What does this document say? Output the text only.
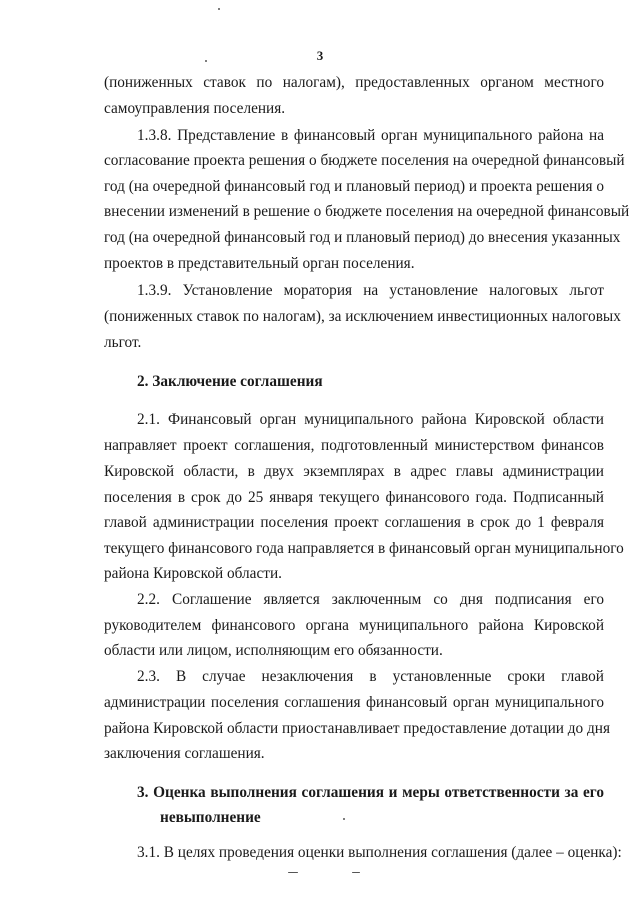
3
(пониженных ставок по налогам), предоставленных органом местного
самоуправления поселения.
1.3.8. Представление в финансовый орган муниципального района на
согласование проекта решения о бюджете поселения на очередной финансовый
год (на очередной финансовый год и плановый период) и проекта решения о
внесении изменений в решение о бюджете поселения на очередной финансовый
год (на очередной финансовый год и плановый период) до внесения указанных
проектов в представительный орган поселения.
1.3.9. Установление моратория на установление налоговых льгот
(пониженных ставок по налогам), за исключением инвестиционных налоговых
льгот.
2. Заключение соглашения
2.1. Финансовый орган муниципального района Кировской области
направляет проект соглашения, подготовленный министерством финансов
Кировской области, в двух экземплярах в адрес главы администрации
поселения в срок до 25 января текущего финансового года. Подписанный
главой администрации поселения проект соглашения в срок до 1 февраля
текущего финансового года направляется в финансовый орган муниципального
района Кировской области.
2.2. Соглашение является заключенным со дня подписания его
руководителем финансового органа муниципального района Кировской
области или лицом, исполняющим его обязанности.
2.3. В случае незаключения в установленные сроки главой
администрации поселения соглашения финансовый орган муниципального
района Кировской области приостанавливает предоставление дотации до дня
заключения соглашения.
3. Оценка выполнения соглашения и меры ответственности за его
невыполнение
3.1. В целях проведения оценки выполнения соглашения (далее – оценка):
